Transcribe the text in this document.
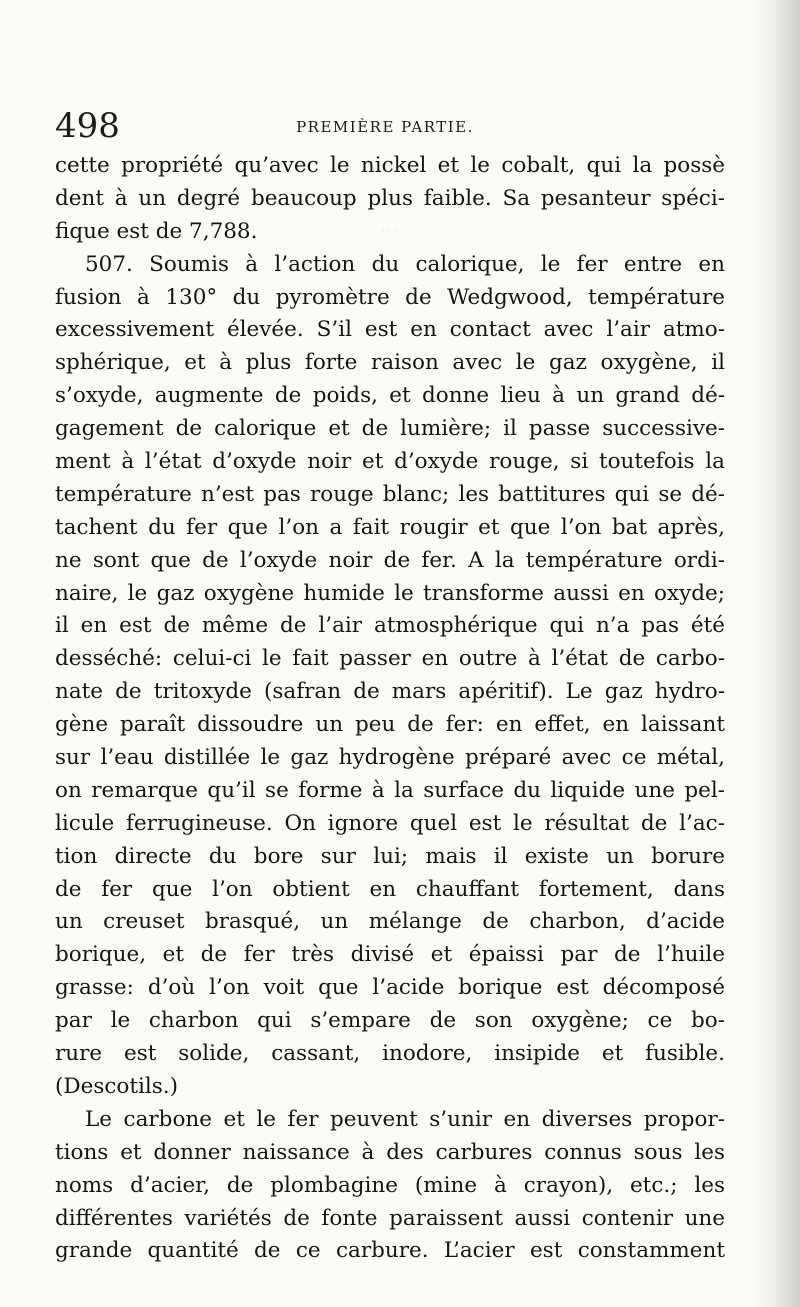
…
498	PREMIÈRE PARTIE.
cette propriété qu’avec le nickel et le cobalt, qui la possè
dent à un degré beaucoup plus faible. Sa pesanteur spéci-
fique est de 7,788.
507. Soumis à l’action du calorique, le fer entre en
fusion à 130° du pyromètre de Wedgwood, température
excessivement élevée. S’il est en contact avec l’air atmo-
sphérique, et à plus forte raison avec le gaz oxygène, il
s’oxyde, augmente de poids, et donne lieu à un grand dé-
gagement de calorique et de lumière; il passe successive-
ment à l’état d’oxyde noir et d’oxyde rouge, si toutefois la
température n’est pas rouge blanc; les battitures qui se dé-
tachent du fer que l’on a fait rougir et que l’on bat après,
ne sont que de l’oxyde noir de fer. A la température ordi-
naire, le gaz oxygène humide le transforme aussi en oxyde;
il en est de même de l’air atmosphérique qui n’a pas été
desséché: celui-ci le fait passer en outre à l’état de carbo-
nate de tritoxyde (safran de mars apéritif). Le gaz hydro-
gène paraît dissoudre un peu de fer: en effet, en laissant
sur l’eau distillée le gaz hydrogène préparé avec ce métal,
on remarque qu’il se forme à la surface du liquide une pel-
licule ferrugineuse. On ignore quel est le résultat de l’ac-
tion directe du bore sur lui; mais il existe un borure
de fer que l’on obtient en chauffant fortement, dans
un creuset brasqué, un mélange de charbon, d’acide
borique, et de fer très divisé et épaissi par de l’huile
grasse: d’où l’on voit que l’acide borique est décomposé
par le charbon qui s’empare de son oxygène; ce bo-
rure est solide, cassant, inodore, insipide et fusible.
(Descotils.)
Le carbone et le fer peuvent s’unir en diverses propor-
tions et donner naissance à des carbures connus sous les
noms d’acier, de plombagine (mine à crayon), etc.; les
différentes variétés de fonte paraissent aussi contenir une
grande quantité de ce carbure. L’acier est constamment
